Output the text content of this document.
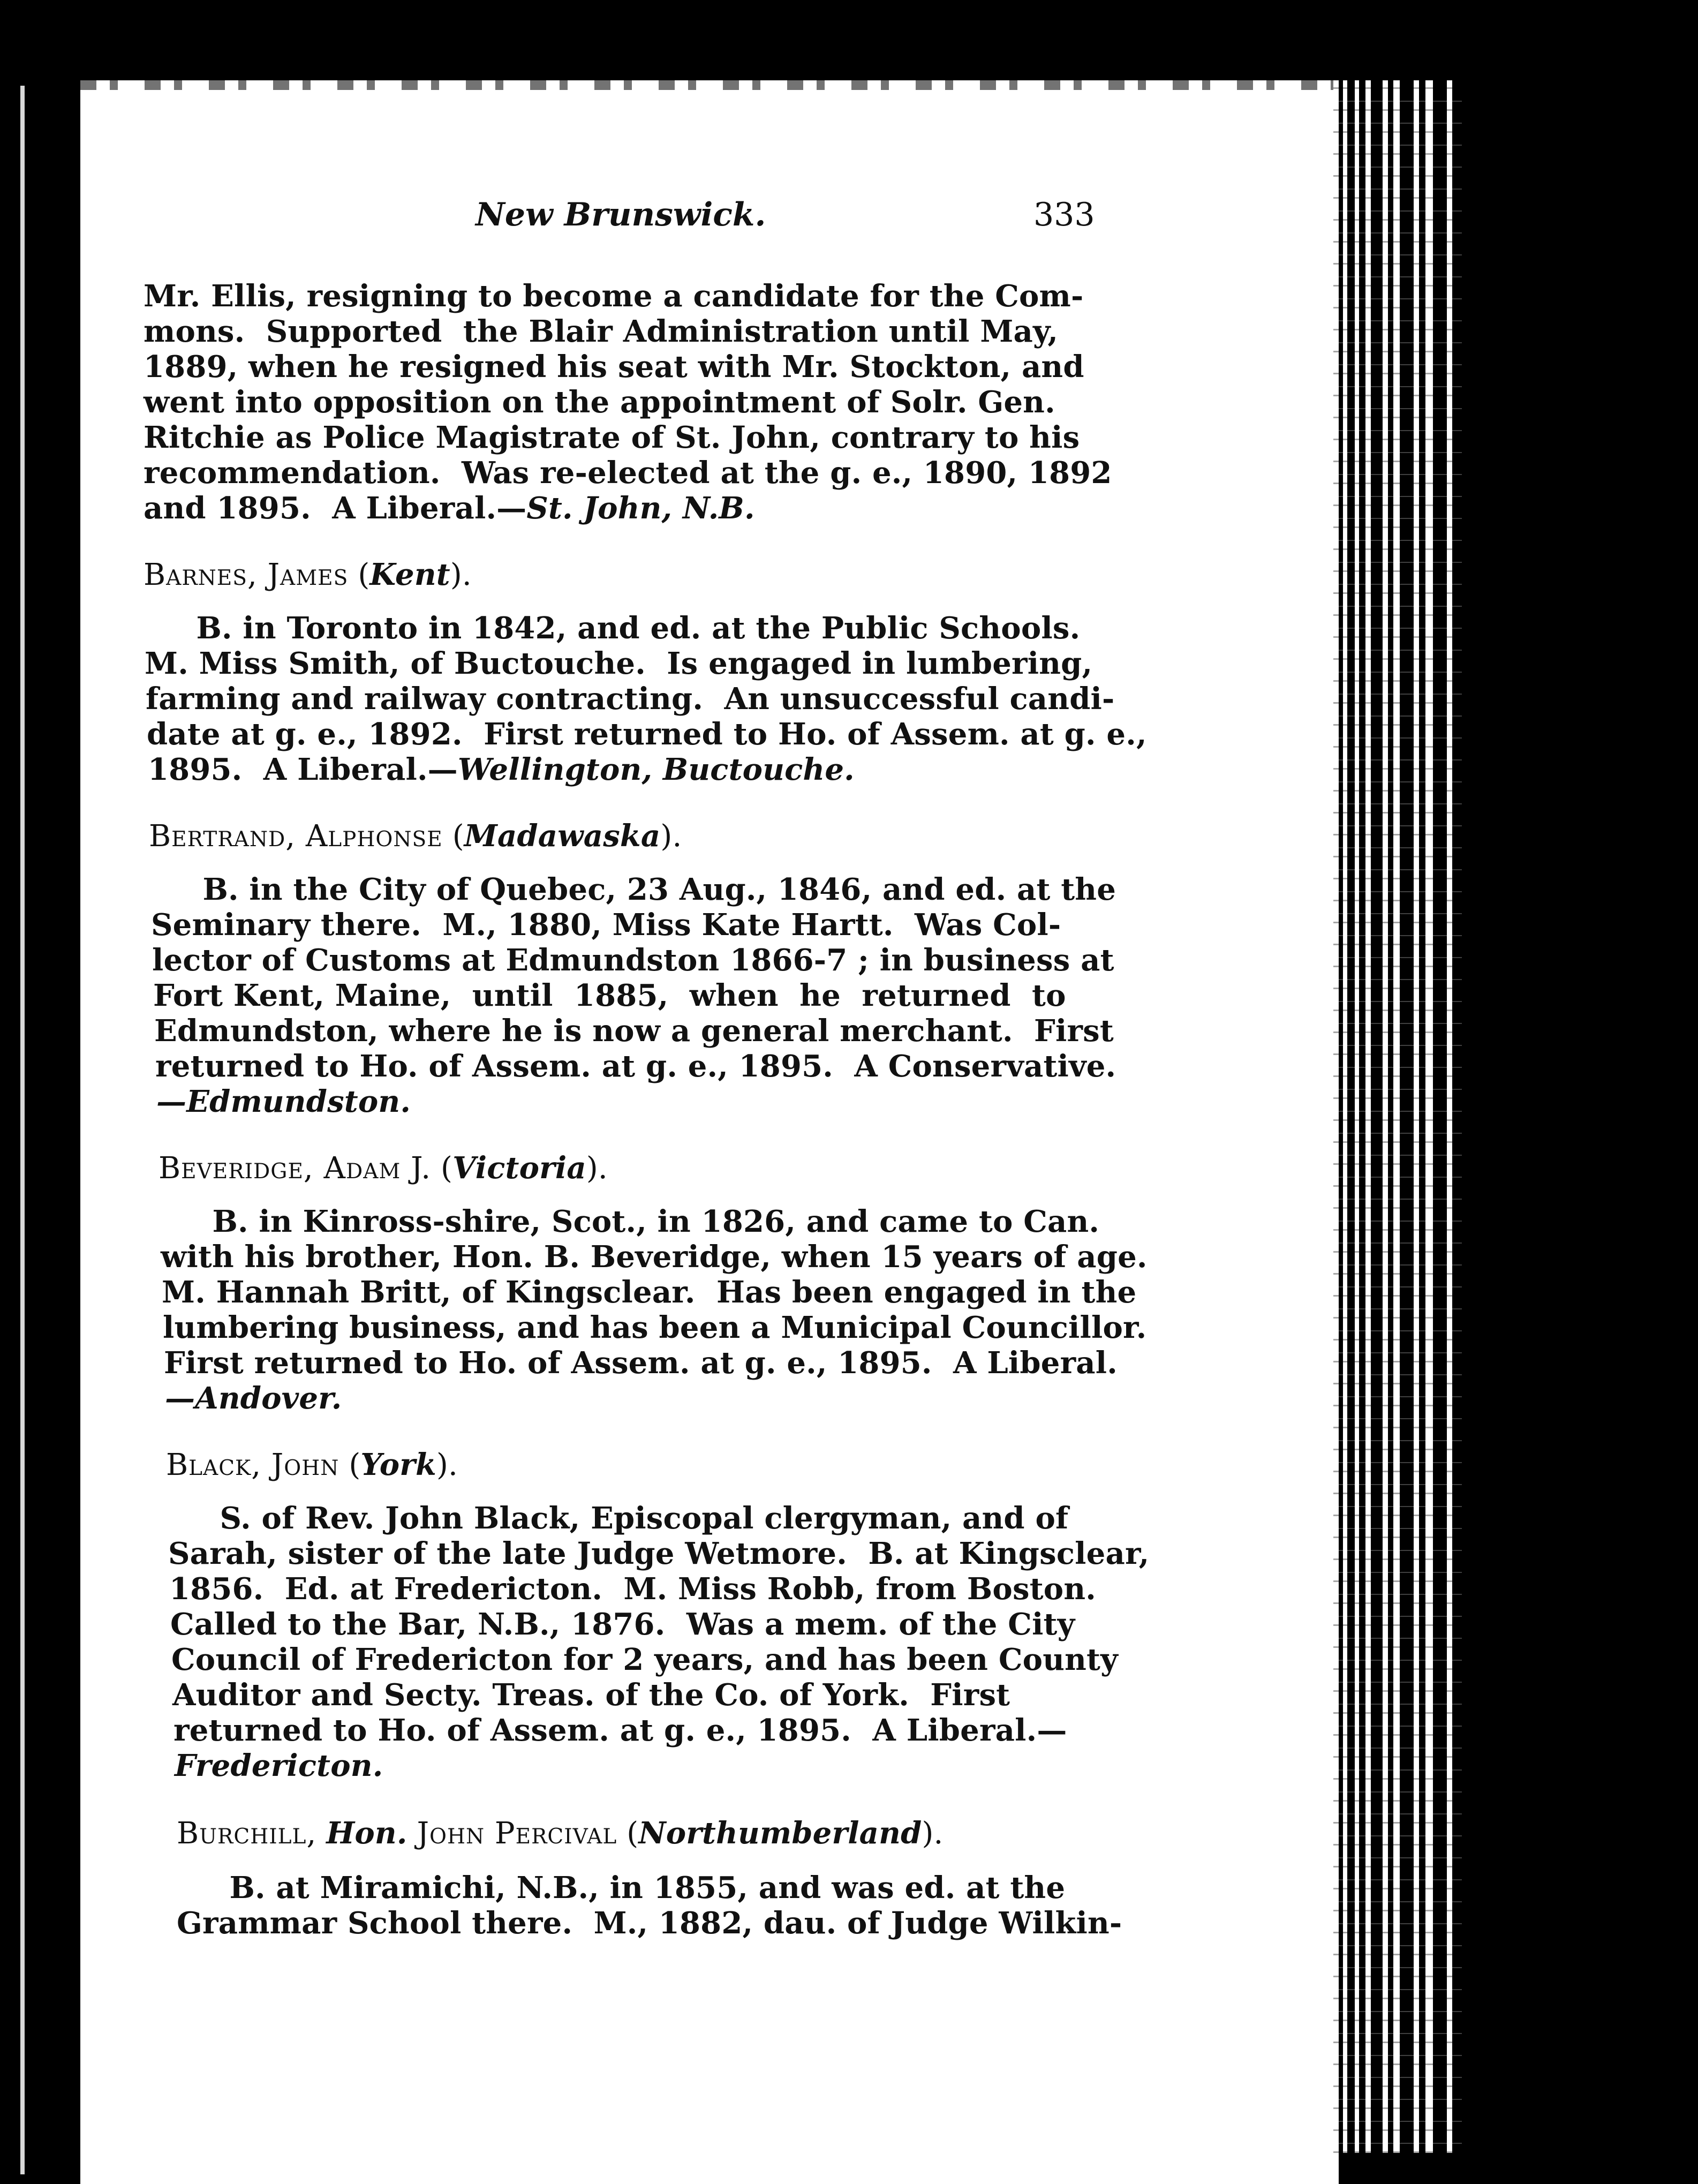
New Brunswick.	333
Mr. Ellis, resigning to become a candidate for the Com-
mons.  Supported  the Blair Administration until May,
1889, when he resigned his seat with Mr. Stockton, and
went into opposition on the appointment of Solr. Gen.
Ritchie as Police Magistrate of St. John, contrary to his
recommendation.  Was re-elected at the g. e., 1890, 1892
and 1895.  A Liberal.—St. John, N.B.
Barnes, James (Kent).
B. in Toronto in 1842, and ed. at the Public Schools.
M. Miss Smith, of Buctouche.  Is engaged in lumbering,
farming and railway contracting.  An unsuccessful candi-
date at g. e., 1892.  First returned to Ho. of Assem. at g. e.,
1895.  A Liberal.—Wellington, Buctouche.
Bertrand, Alphonse (Madawaska).
B. in the City of Quebec, 23 Aug., 1846, and ed. at the
Seminary there.  M., 1880, Miss Kate Hartt.  Was Col-
lector of Customs at Edmundston 1866-7 ; in business at
Fort Kent, Maine,  until  1885,  when  he  returned  to
Edmundston, where he is now a general merchant.  First
returned to Ho. of Assem. at g. e., 1895.  A Conservative.
—Edmundston.
Beveridge, Adam J. (Victoria).
B. in Kinross-shire, Scot., in 1826, and came to Can.
with his brother, Hon. B. Beveridge, when 15 years of age.
M. Hannah Britt, of Kingsclear.  Has been engaged in the
lumbering business, and has been a Municipal Councillor.
First returned to Ho. of Assem. at g. e., 1895.  A Liberal.
—Andover.
Black, John (York).
S. of Rev. John Black, Episcopal clergyman, and of
Sarah, sister of the late Judge Wetmore.  B. at Kingsclear,
1856.  Ed. at Fredericton.  M. Miss Robb, from Boston.
Called to the Bar, N.B., 1876.  Was a mem. of the City
Council of Fredericton for 2 years, and has been County
Auditor and Secty. Treas. of the Co. of York.  First
returned to Ho. of Assem. at g. e., 1895.  A Liberal.—
Fredericton.
Burchill, Hon. John Percival (Northumberland).
B. at Miramichi, N.B., in 1855, and was ed. at the
Grammar School there.  M., 1882, dau. of Judge Wilkin-
